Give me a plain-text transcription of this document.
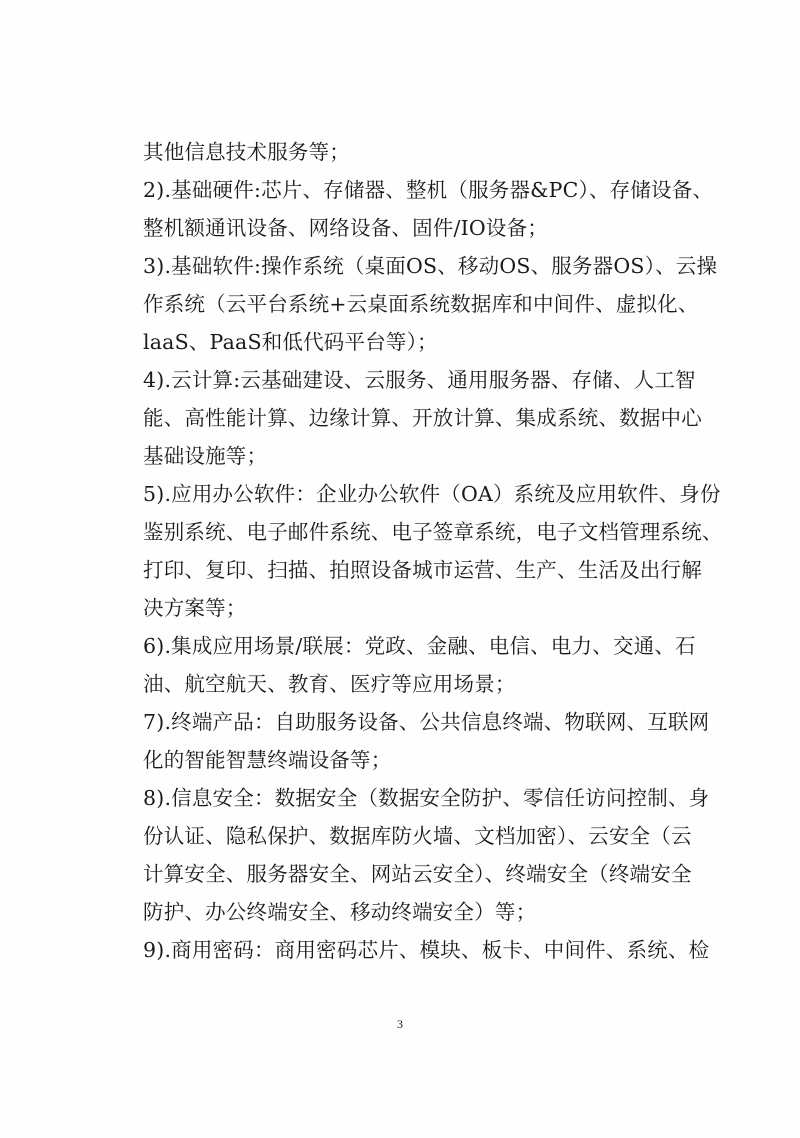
其他信息技术服务等；
2).基础硬件:芯片、存储器、整机（服务器&PC）、存储设备、
整机额通讯设备、网络设备、固件/IO设备；
3).基础软件:操作系统（桌面OS、移动OS、服务器OS）、云操
作系统（云平台系统+云桌面系统数据库和中间件、虚拟化、
laaS、PaaS和低代码平台等）；
4).云计算:云基础建设、云服务、通用服务器、存储、人工智
能、高性能计算、边缘计算、开放计算、集成系统、数据中心
基础设施等；
5).应用办公软件：企业办公软件（OA）系统及应用软件、身份
鉴别系统、电子邮件系统、电子签章系统，电子文档管理系统、
打印、复印、扫描、拍照设备城市运营、生产、生活及出行解
决方案等；
6).集成应用场景/联展：党政、金融、电信、电力、交通、石
油、航空航天、教育、医疗等应用场景；
7).终端产品：自助服务设备、公共信息终端、物联网、互联网
化的智能智慧终端设备等；
8).信息安全：数据安全（数据安全防护、零信任访问控制、身
份认证、隐私保护、数据库防火墙、文档加密）、云安全（云
计算安全、服务器安全、网站云安全）、终端安全（终端安全
防护、办公终端安全、移动终端安全）等；
9).商用密码：商用密码芯片、模块、板卡、中间件、系统、检
3
